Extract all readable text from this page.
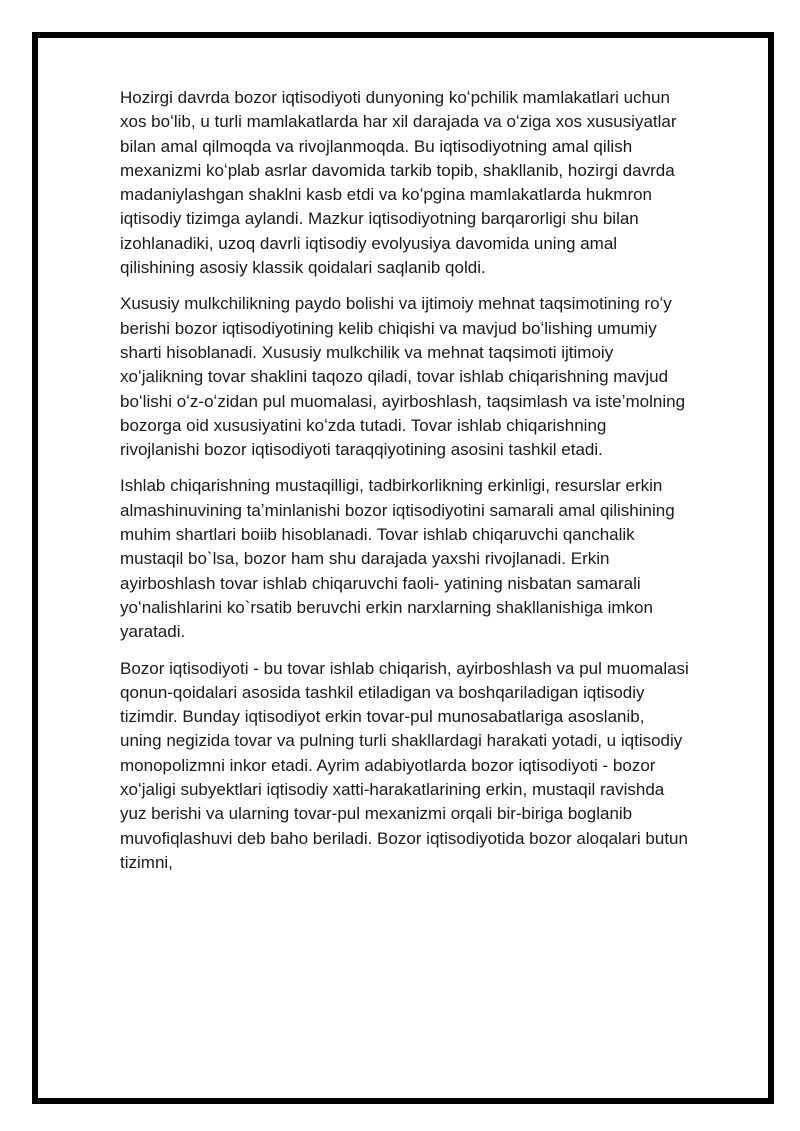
Hozirgi davrda bozor iqtisodiyoti dunyoning koʻpchilik mamlakatlari uchun xos boʻlib, u turli mamlakatlarda har xil darajada va oʻziga xos xususiyatlar bilan amal qilmoqda va rivojlanmoqda. Bu iqtisodiyotning amal qilish mexanizmi koʻplab asrlar davomida tarkib topib, shakllanib, hozirgi davrda madaniylashgan shaklni kasb etdi va koʻpgina mamlakatlarda hukmron iqtisodiy tizimga aylandi. Mazkur iqtisodiyotning barqarorligi shu bilan izohlanadiki, uzoq davrli iqtisodiy evolyusiya davomida uning amal qilishining asosiy klassik qoidalari saqlanib qoldi.

Xususiy mulkchilikning paydo bolishi va ijtimoiy mehnat taqsimotining roʻy berishi bozor iqtisodiyotining kelib chiqishi va mavjud boʻlishing umumiy sharti hisoblanadi. Xususiy mulkchilik va mehnat taqsimoti ijtimoiy xoʻjalikning tovar shaklini taqozo qiladi, tovar ishlab chiqarishning mavjud boʻlishi oʻz-oʻzidan pul muomalasi, ayirboshlash, taqsimlash va isteʼmolning bozorga oid xususiyatini koʻzda tutadi. Tovar ishlab chiqarishning rivojlanishi bozor iqtisodiyoti taraqqiyotining asosini tashkil etadi.

Ishlab chiqarishning mustaqilligi, tadbirkorlikning erkinligi, resurslar erkin almashinuvining taʼminlanishi bozor iqtisodiyotini samarali amal qilishining muhim shartlari boiib hisoblanadi. Tovar ishlab chiqaruvchi qanchalik mustaqil bo`lsa, bozor ham shu darajada yaxshi rivojlanadi. Erkin ayirboshlash tovar ishlab chiqaruvchi faoli- yatining nisbatan samarali yoʻnalishlarini ko`rsatib beruvchi erkin narxlarning shakllanishiga imkon yaratadi.

Bozor iqtisodiyoti - bu tovar ishlab chiqarish, ayirboshlash va pul muomalasi qonun-qoidalari asosida tashkil etiladigan va boshqariladigan iqtisodiy tizimdir. Bunday iqtisodiyot erkin tovar-pul munosabatlariga asoslanib, uning negizida tovar va pulning turli shakllardagi harakati yotadi, u iqtisodiy monopolizmni inkor etadi. Ayrim adabiyotlarda bozor iqtisodiyoti - bozor xoʻjaligi subyektlari iqtisodiy xatti-harakatlarining erkin, mustaqil ravishda yuz berishi va ularning tovar-pul mexanizmi orqali bir-biriga boglanib muvofiqlashuvi deb baho beriladi. Bozor iqtisodiyotida bozor aloqalari butun tizimni,
